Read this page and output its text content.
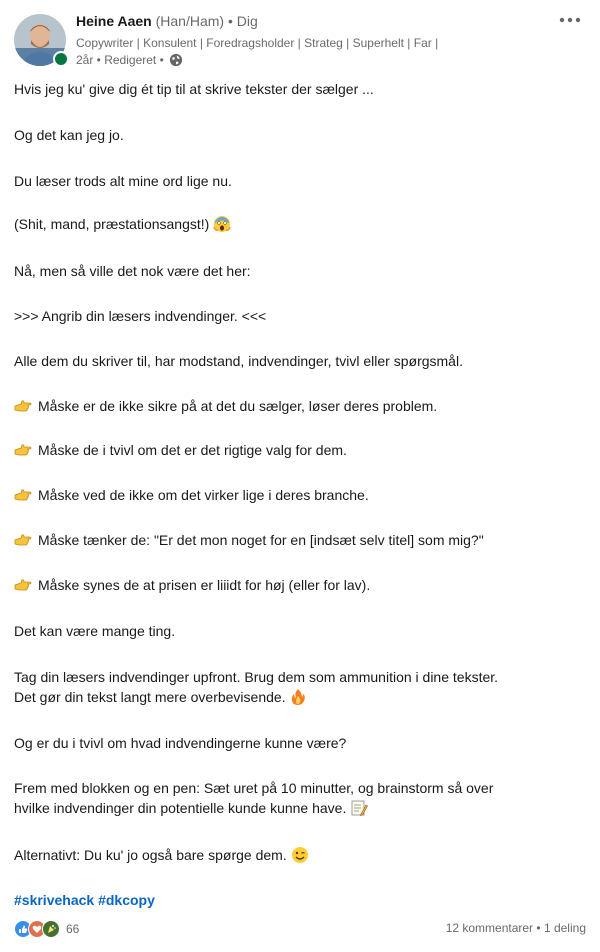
Heine Aaen (Han/Ham) • Dig
Copywriter | Konsulent | Foredragsholder | Strateg | Superhelt | Far |
2år • Redigeret •
Hvis jeg ku' give dig ét tip til at skrive tekster der sælger ...
Og det kan jeg jo.
Du læser trods alt mine ord lige nu.
(Shit, mand, præstationsangst!)
Nå, men så ville det nok være det her:
>>> Angrib din læsers indvendinger. <<<
Alle dem du skriver til, har modstand, indvendinger, tvivl eller spørgsmål.
Måske er de ikke sikre på at det du sælger, løser deres problem.
Måske de i tvivl om det er det rigtige valg for dem.
Måske ved de ikke om det virker lige i deres branche.
Måske tænker de: "Er det mon noget for en [indsæt selv titel] som mig?"
Måske synes de at prisen er liiidt for høj (eller for lav).
Det kan være mange ting.
Tag din læsers indvendinger upfront. Brug dem som ammunition i dine tekster.
Det gør din tekst langt mere overbevisende.
Og er du i tvivl om hvad indvendingerne kunne være?
Frem med blokken og en pen: Sæt uret på 10 minutter, og brainstorm så over
hvilke indvendinger din potentielle kunde kunne have.
Alternativt: Du ku' jo også bare spørge dem.
#skrivehack #dkcopy
66	12 kommentarer • 1 deling
